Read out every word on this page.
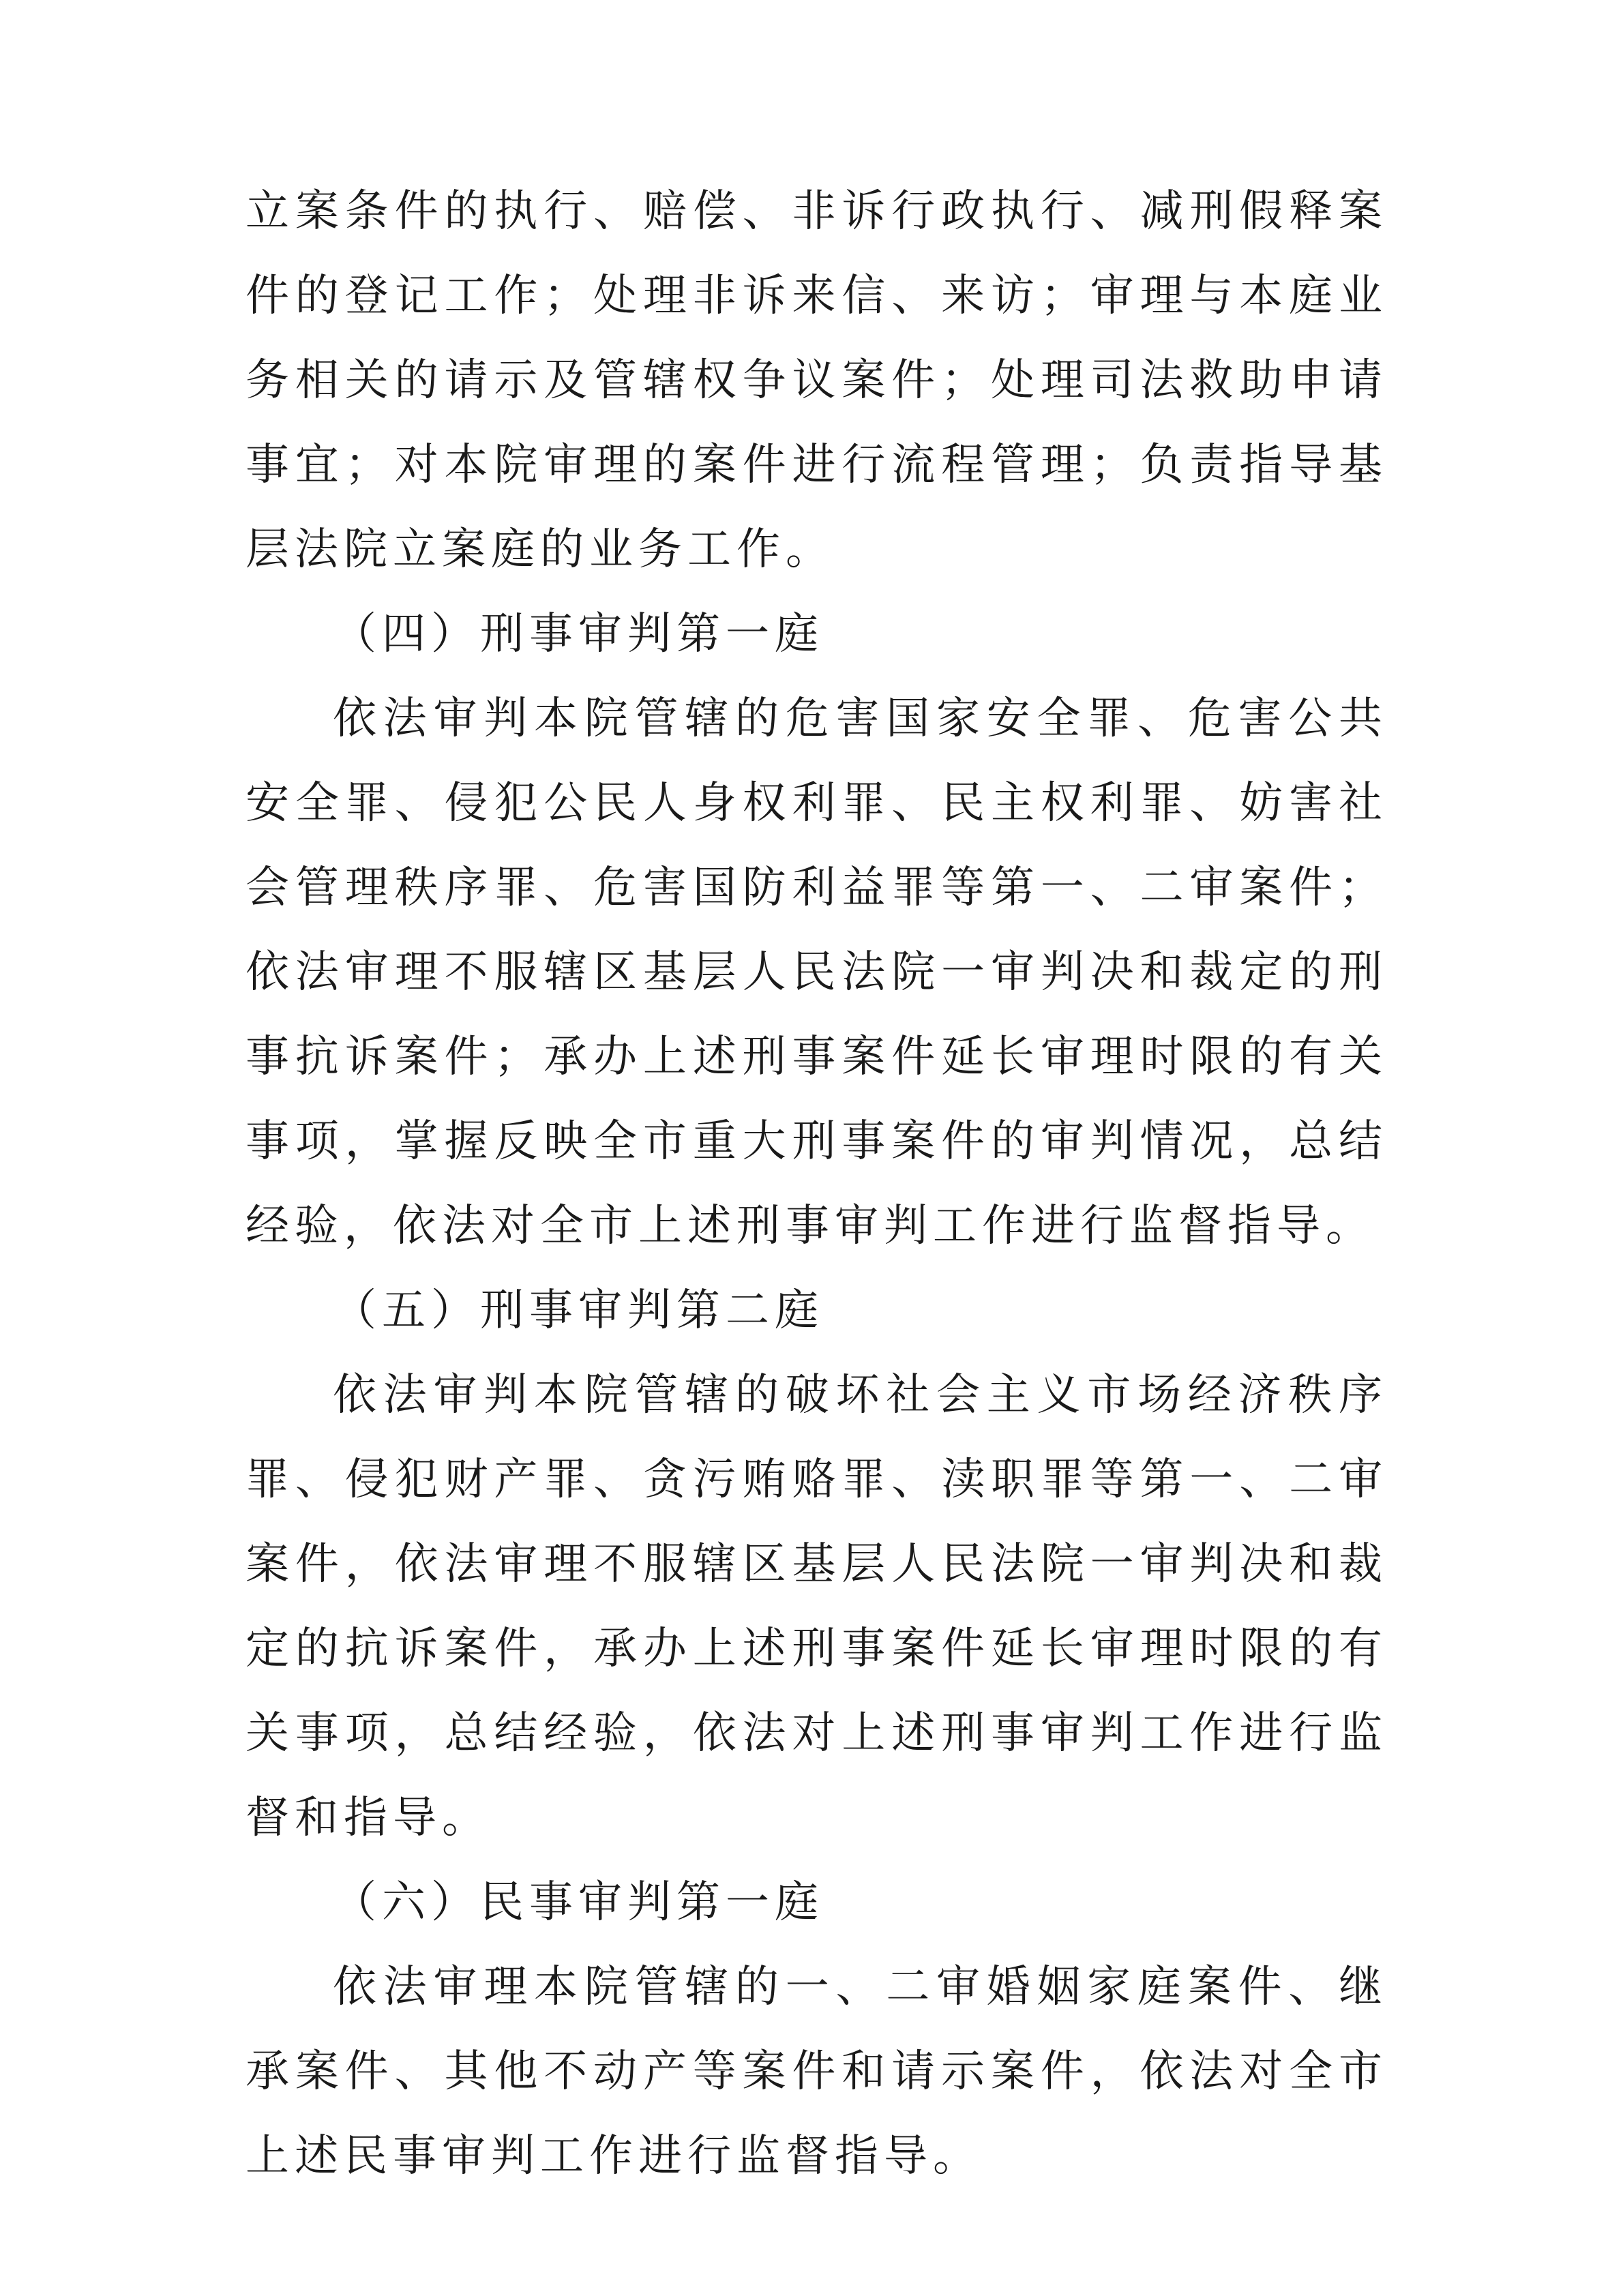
立案条件的执行、赔偿、非诉行政执行、减刑假释案件的登记工作；处理非诉来信、来访；审理与本庭业务相关的请示及管辖权争议案件；处理司法救助申请事宜；对本院审理的案件进行流程管理；负责指导基层法院立案庭的业务工作。

（四）刑事审判第一庭

依法审判本院管辖的危害国家安全罪、危害公共安全罪、侵犯公民人身权利罪、民主权利罪、妨害社会管理秩序罪、危害国防利益罪等第一、二审案件；依法审理不服辖区基层人民法院一审判决和裁定的刑事抗诉案件；承办上述刑事案件延长审理时限的有关事项，掌握反映全市重大刑事案件的审判情况，总结经验，依法对全市上述刑事审判工作进行监督指导。

（五）刑事审判第二庭

依法审判本院管辖的破坏社会主义市场经济秩序罪、侵犯财产罪、贪污贿赂罪、渎职罪等第一、二审案件，依法审理不服辖区基层人民法院一审判决和裁定的抗诉案件，承办上述刑事案件延长审理时限的有关事项，总结经验，依法对上述刑事审判工作进行监督和指导。

（六）民事审判第一庭

依法审理本院管辖的一、二审婚姻家庭案件、继承案件、其他不动产等案件和请示案件，依法对全市上述民事审判工作进行监督指导。
